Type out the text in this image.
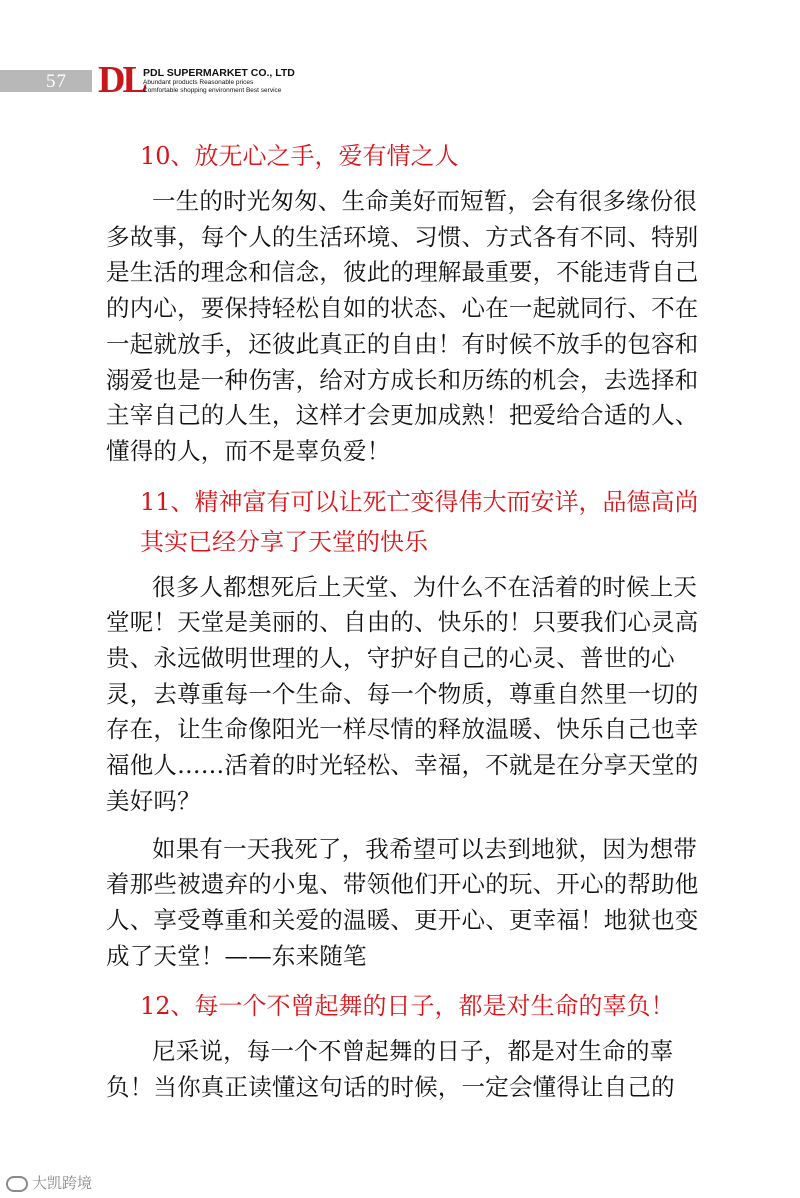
57 DL
PDL SUPERMARKET CO., LTD
Abundant products Reasonable prices
Comfortable shopping environment Best service
10、放无心之手，爱有情之人

一生的时光匆匆、生命美好而短暂，会有很多缘份很多故事，每个人的生活环境、习惯、方式各有不同、特别是生活的理念和信念，彼此的理解最重要，不能违背自己的内心，要保持轻松自如的状态、心在一起就同行、不在一起就放手，还彼此真正的自由！有时候不放手的包容和溺爱也是一种伤害，给对方成长和历练的机会，去选择和主宰自己的人生，这样才会更加成熟！把爱给合适的人、懂得的人，而不是辜负爱！

11、精神富有可以让死亡变得伟大而安详，品德高尚其实已经分享了天堂的快乐

很多人都想死后上天堂、为什么不在活着的时候上天堂呢！天堂是美丽的、自由的、快乐的！只要我们心灵高贵、永远做明世理的人，守护好自己的心灵、普世的心灵，去尊重每一个生命、每一个物质，尊重自然里一切的存在，让生命像阳光一样尽情的释放温暖、快乐自己也幸福他人……活着的时光轻松、幸福，不就是在分享天堂的美好吗？

如果有一天我死了，我希望可以去到地狱，因为想带着那些被遗弃的小鬼、带领他们开心的玩、开心的帮助他人、享受尊重和关爱的温暖、更开心、更幸福！地狱也变成了天堂！——东来随笔

12、每一个不曾起舞的日子，都是对生命的辜负！

尼采说，每一个不曾起舞的日子，都是对生命的辜负！当你真正读懂这句话的时候，一定会懂得让自己的

大凯跨境
